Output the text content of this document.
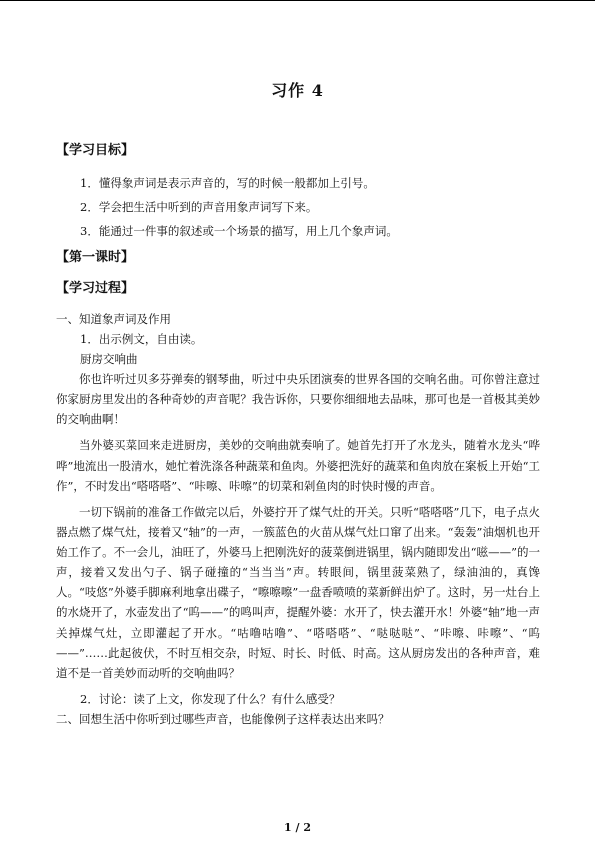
习作 4

【学习目标】

1．懂得象声词是表示声音的，写的时候一般都加上引号。

2．学会把生活中听到的声音用象声词写下来。

3．能通过一件事的叙述或一个场景的描写，用上几个象声词。

【第一课时】

【学习过程】

一、知道象声词及作用

1．出示例文，自由读。

厨房交响曲

你也许听过贝多芬弹奏的钢琴曲，听过中央乐团演奏的世界各国的交响名曲。可你曾注意过你家厨房里发出的各种奇妙的声音呢？我告诉你，只要你细细地去品味，那可也是一首极其美妙的交响曲啊！

当外婆买菜回来走进厨房，美妙的交响曲就奏响了。她首先打开了水龙头，随着水龙头“哗哗”地流出一股清水，她忙着洗涤各种蔬菜和鱼肉。外婆把洗好的蔬菜和鱼肉放在案板上开始“工作”，不时发出“嗒嗒嗒”、“咔嚓、咔嚓”的切菜和剁鱼肉的时快时慢的声音。

一切下锅前的准备工作做完以后，外婆拧开了煤气灶的开关。只听“嗒嗒嗒”几下，电子点火器点燃了煤气灶，接着又“轴”的一声，一簇蓝色的火苗从煤气灶口窜了出来。“轰轰”油烟机也开始工作了。不一会儿，油旺了，外婆马上把刚洗好的菠菜倒进锅里，锅内随即发出“嗞——”的一声，接着又发出勺子、锅子碰撞的“当当当”声。转眼间，锅里菠菜熟了，绿油油的，真馋人。“吱悠”外婆手脚麻利地拿出碟子，“嚓嚓嚓”一盘香喷喷的菜新鲜出炉了。这时，另一灶台上的水烧开了，水壶发出了“呜——”的鸣叫声，提醒外婆：水开了，快去灌开水！外婆“轴”地一声关掉煤气灶，立即灌起了开水。“咕噜咕噜”、“嗒嗒嗒”、“哒哒哒”、“咔嚓、咔嚓”、“呜——”……此起彼伏，不时互相交杂，时短、时长、时低、时高。这从厨房发出的各种声音，难道不是一首美妙而动听的交响曲吗？

2．讨论：读了上文，你发现了什么？有什么感受？

二、回想生活中你听到过哪些声音，也能像例子这样表达出来吗？

1 / 2
